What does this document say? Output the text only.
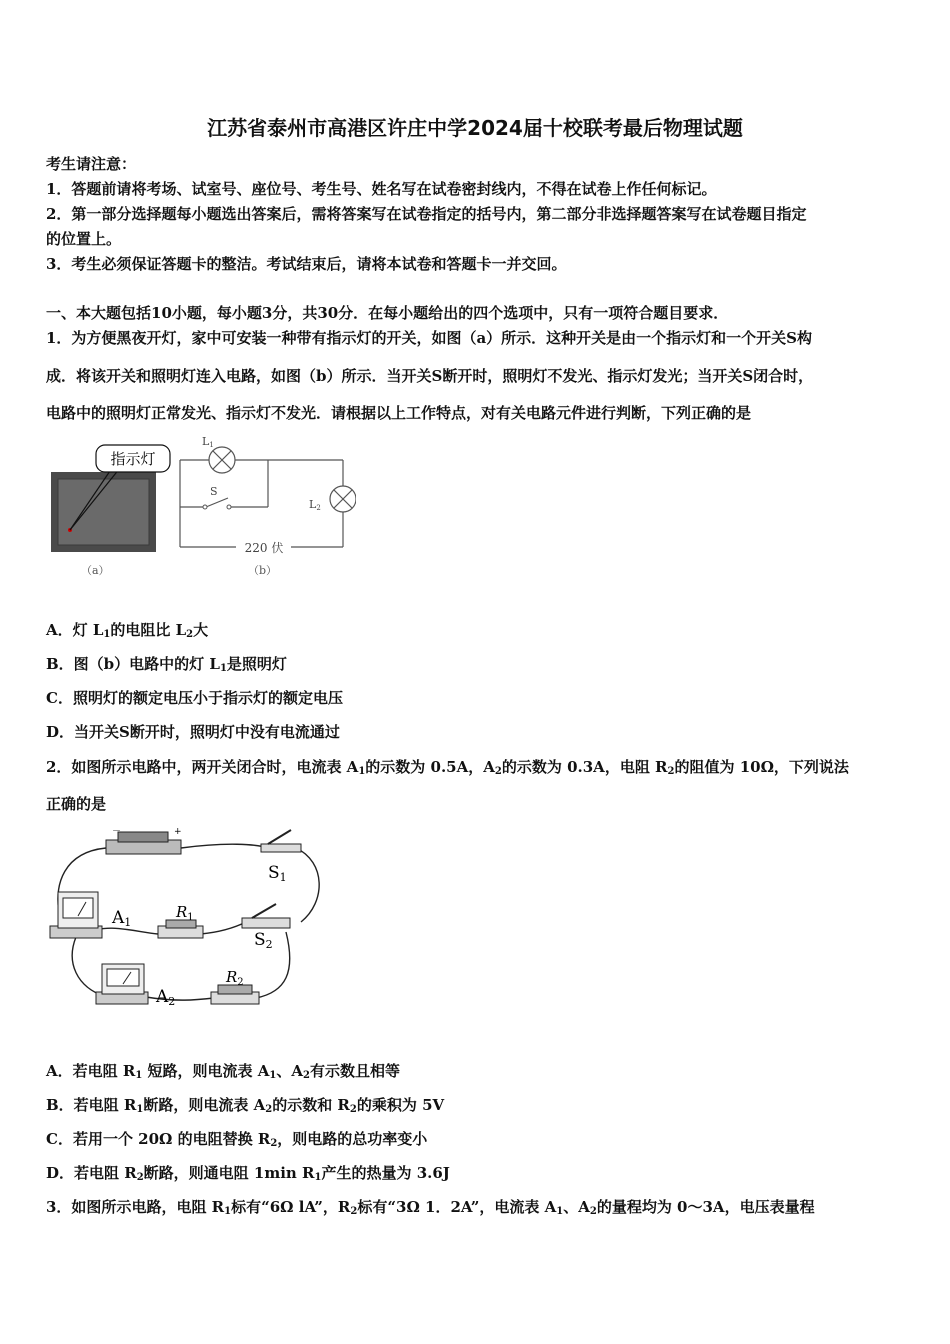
江苏省泰州市高港区许庄中学2024届十校联考最后物理试题
考生请注意：
1．答题前请将考场、试室号、座位号、考生号、姓名写在试卷密封线内，不得在试卷上作任何标记。
2．第一部分选择题每小题选出答案后，需将答案写在试卷指定的括号内，第二部分非选择题答案写在试卷题目指定
的位置上。
3．考生必须保证答题卡的整洁。考试结束后，请将本试卷和答题卡一并交回。
一、本大题包括10小题，每小题3分，共30分．在每小题给出的四个选项中，只有一项符合题目要求．
1．为方便黑夜开灯，家中可安装一种带有指示灯的开关，如图（a）所示．这种开关是由一个指示灯和一个开关S构
成．将该开关和照明灯连入电路，如图（b）所示．当开关S断开时，照明灯不发光、指示灯发光；当开关S闭合时，
电路中的照明灯正常发光、指示灯不发光．请根据以上工作特点，对有关电路元件进行判断，下列正确的是
指示灯
（a）
L1
L2
S
220 伏
（b）
A．灯 $L_1$的电阻比 $L_2$大
B．图（b）电路中的灯 $L_1$是照明灯
C．照明灯的额定电压小于指示灯的额定电压
D．当开关S断开时，照明灯中没有电流通过
2．如图所示电路中，两开关闭合时，电流表 $A_1$的示数为 0.5A，$A_2$的示数为 0.3A，电阻 $R_2$的阻值为 10Ω，下列说法
正确的是
－	+
S1
A1
$R_1$
S2
A2
$R_2$
A．若电阻 $R_1$ 短路，则电流表 $A_1$、$A_2$有示数且相等
B．若电阻 $R_1$断路，则电流表 $A_2$的示数和 $R_2$的乘积为 5V
C．若用一个 20Ω 的电阻替换 $R_2$，则电路的总功率变小
D．若电阻 $R_2$断路，则通电阻 1min $R_1$产生的热量为 3.6J
3．如图所示电路，电阻 $R_1$标有“6Ω lA”，$R_2$标有“3Ω 1．2A”，电流表 $A_1$、$A_2$的量程均为 0～3A，电压表量程
